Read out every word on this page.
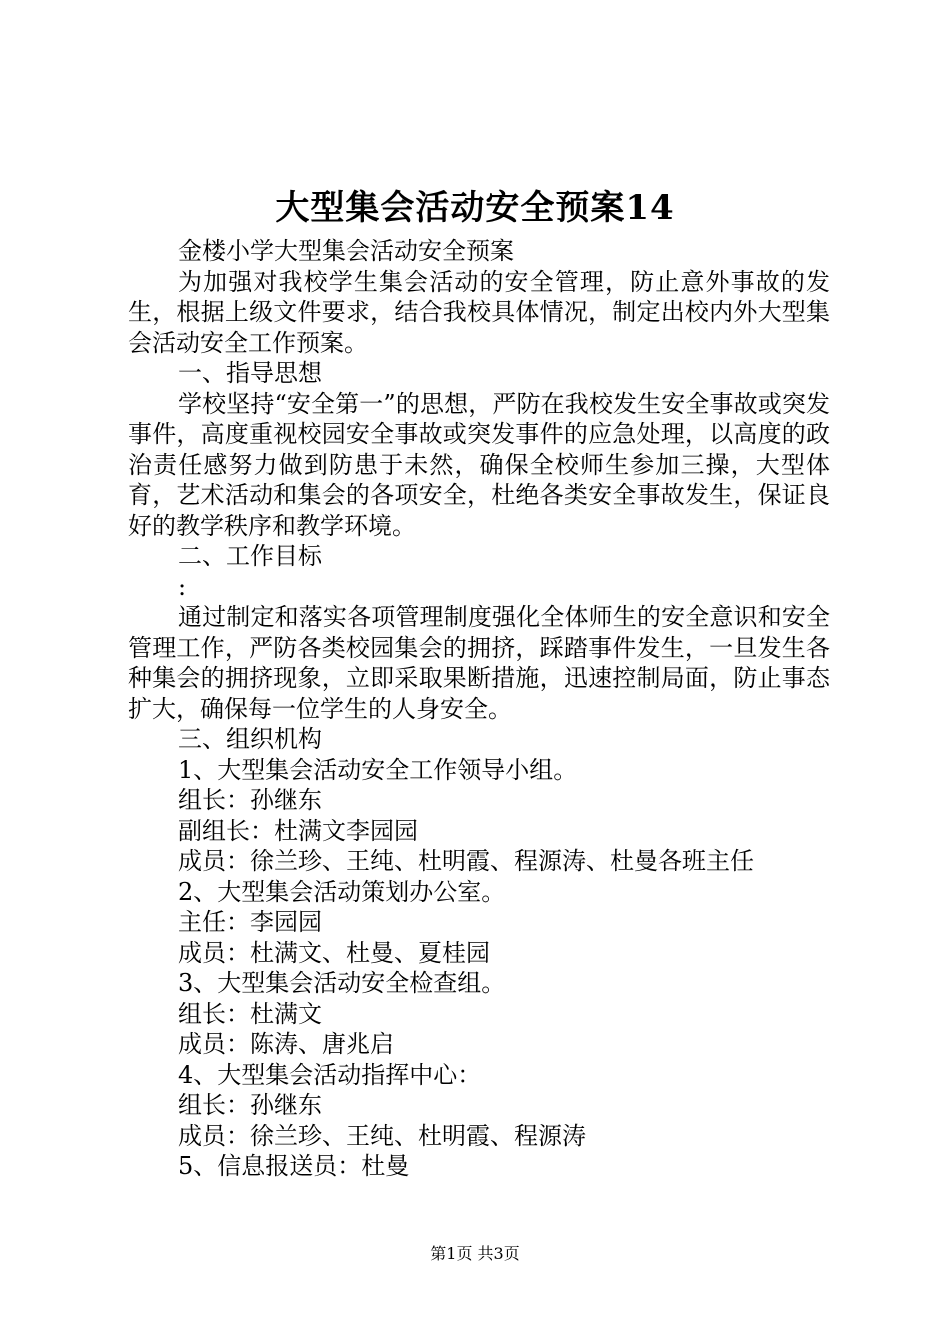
大型集会活动安全预案14

金楼小学大型集会活动安全预案

为加强对我校学生集会活动的安全管理，防止意外事故的发生，根据上级文件要求，结合我校具体情况，制定出校内外大型集会活动安全工作预案。

一、指导思想

学校坚持“安全第一”的思想，严防在我校发生安全事故或突发事件，高度重视校园安全事故或突发事件的应急处理，以高度的政治责任感努力做到防患于未然，确保全校师生参加三操，大型体育，艺术活动和集会的各项安全，杜绝各类安全事故发生，保证良好的教学秩序和教学环境。

二、工作目标

:

通过制定和落实各项管理制度强化全体师生的安全意识和安全管理工作，严防各类校园集会的拥挤，踩踏事件发生，一旦发生各种集会的拥挤现象，立即采取果断措施，迅速控制局面，防止事态扩大，确保每一位学生的人身安全。

三、组织机构

1、大型集会活动安全工作领导小组。

组长：孙继东

副组长：杜满文李园园

成员：徐兰珍、王纯、杜明霞、程源涛、杜曼各班主任

2、大型集会活动策划办公室。

主任：李园园

成员：杜满文、杜曼、夏桂园

3、大型集会活动安全检查组。

组长：杜满文

成员：陈涛、唐兆启

4、大型集会活动指挥中心：

组长：孙继东

成员：徐兰珍、王纯、杜明霞、程源涛

5、信息报送员：杜曼

第1页 共3页
